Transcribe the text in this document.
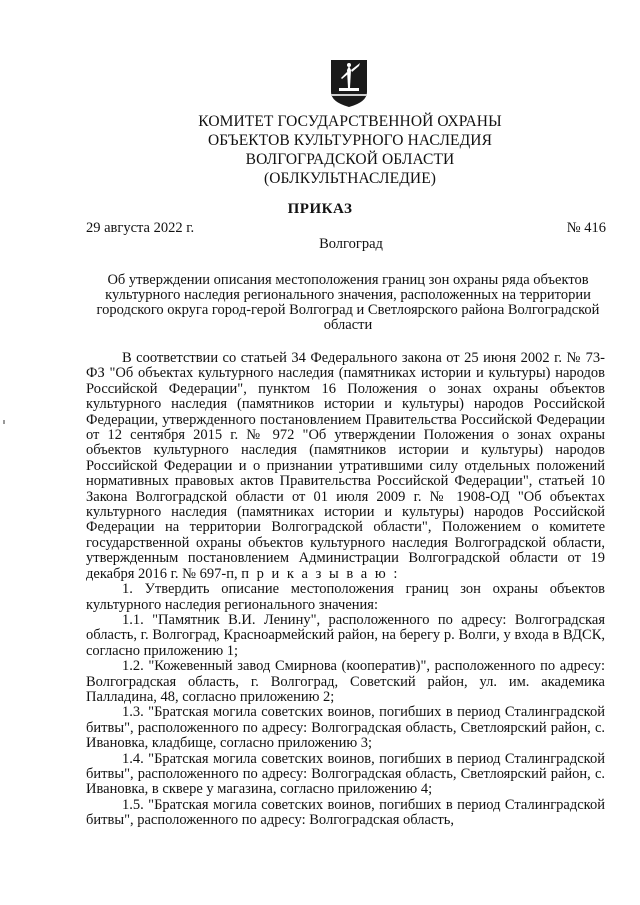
КОМИТЕТ ГОСУДАРСТВЕННОЙ ОХРАНЫ
ОБЪЕКТОВ КУЛЬТУРНОГО НАСЛЕДИЯ
ВОЛГОГРАДСКОЙ ОБЛАСТИ
(ОБЛКУЛЬТНАСЛЕДИЕ)
ПРИКАЗ
29 августа 2022 г.	№ 416
Волгоград
Об утверждении описания местоположения границ зон охраны ряда объектов культурного наследия регионального значения, расположенных на территории городского округа город-герой Волгоград и Светлоярского района Волгоградской области

В соответствии со статьей 34 Федерального закона от 25 июня 2002 г. № 73-ФЗ "Об объектах культурного наследия (памятниках истории и культуры) народов Российской Федерации", пунктом 16 Положения о зонах охраны объектов культурного наследия (памятников истории и культуры) народов Российской Федерации, утвержденного постановлением Правительства Российской Федерации от 12 сентября 2015 г. № 972 "Об утверждении Положения о зонах охраны объектов культурного наследия (памятников истории и культуры) народов Российской Федерации и о признании утратившими силу отдельных положений нормативных правовых актов Правительства Российской Федерации", статьей 10 Закона Волгоградской области от 01 июля 2009 г. № 1908-ОД "Об объектах культурного наследия (памятниках истории и культуры) народов Российской Федерации на территории Волгоградской области", Положением о комитете государственной охраны объектов культурного наследия Волгоградской области, утвержденным постановлением Администрации Волгоградской области от 19 декабря 2016 г. № 697-п, п р и к а з ы в а ю :

1. Утвердить описание местоположения границ зон охраны объектов культурного наследия регионального значения:

1.1. "Памятник В.И. Ленину", расположенного по адресу: Волгоградская область, г. Волгоград, Красноармейский район, на берегу р. Волги, у входа в ВДСК, согласно приложению 1;

1.2. "Кожевенный завод Смирнова (кооператив)", расположенного по адресу: Волгоградская область, г. Волгоград, Советский район, ул. им. академика Палладина, 48, согласно приложению 2;

1.3. "Братская могила советских воинов, погибших в период Сталинградской битвы", расположенного по адресу: Волгоградская область, Светлоярский район, с. Ивановка, кладбище, согласно приложению 3;

1.4. "Братская могила советских воинов, погибших в период Сталинградской битвы", расположенного по адресу: Волгоградская область, Светлоярский район, с. Ивановка, в сквере у магазина, согласно приложению 4;

1.5. "Братская могила советских воинов, погибших в период Сталинградской битвы", расположенного по адресу: Волгоградская область,
